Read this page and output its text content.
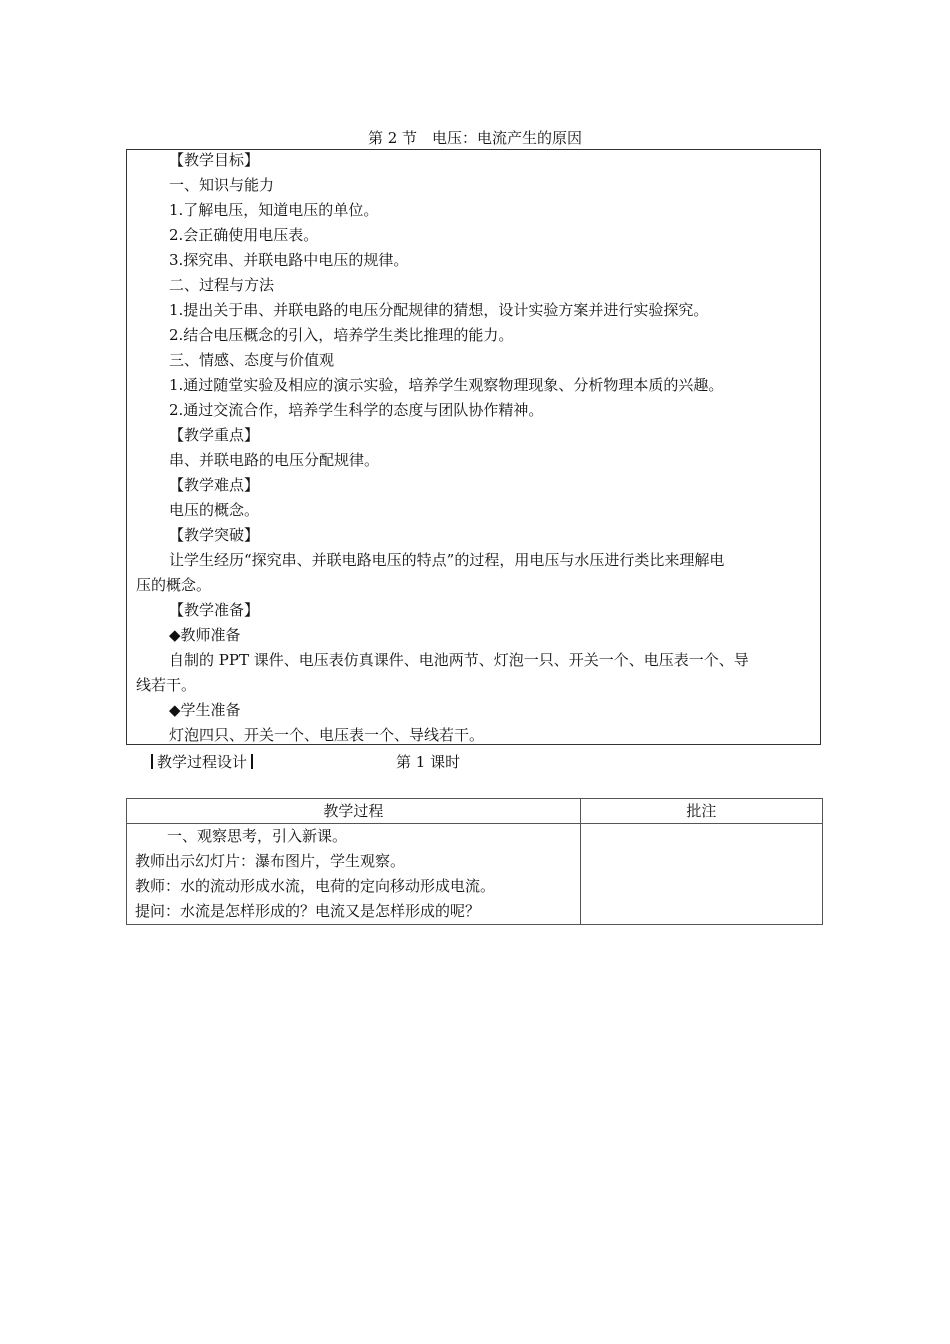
第 2 节　电压：电流产生的原因
【教学目标】
一、知识与能力
1.了解电压，知道电压的单位。
2.会正确使用电压表。
3.探究串、并联电路中电压的规律。
二、过程与方法
1.提出关于串、并联电路的电压分配规律的猜想，设计实验方案并进行实验探究。
2.结合电压概念的引入，培养学生类比推理的能力。
三、情感、态度与价值观
1.通过随堂实验及相应的演示实验，培养学生观察物理现象、分析物理本质的兴趣。
2.通过交流合作，培养学生科学的态度与团队协作精神。
【教学重点】
串、并联电路的电压分配规律。
【教学难点】
电压的概念。
【教学突破】
让学生经历“探究串、并联电路电压的特点”的过程，用电压与水压进行类比来理解电
压的概念。
【教学准备】
◆教师准备
自制的 PPT 课件、电压表仿真课件、电池两节、灯泡一只、开关一个、电压表一个、导
线若干。
◆学生准备
灯泡四只、开关一个、电压表一个、导线若干。
教学过程设计	第 1 课时
教学过程	批注

一、观察思考，引入新课。
教师出示幻灯片：瀑布图片，学生观察。
教师：水的流动形成水流，电荷的定向移动形成电流。
提问：水流是怎样形成的？电流又是怎样形成的呢？	
